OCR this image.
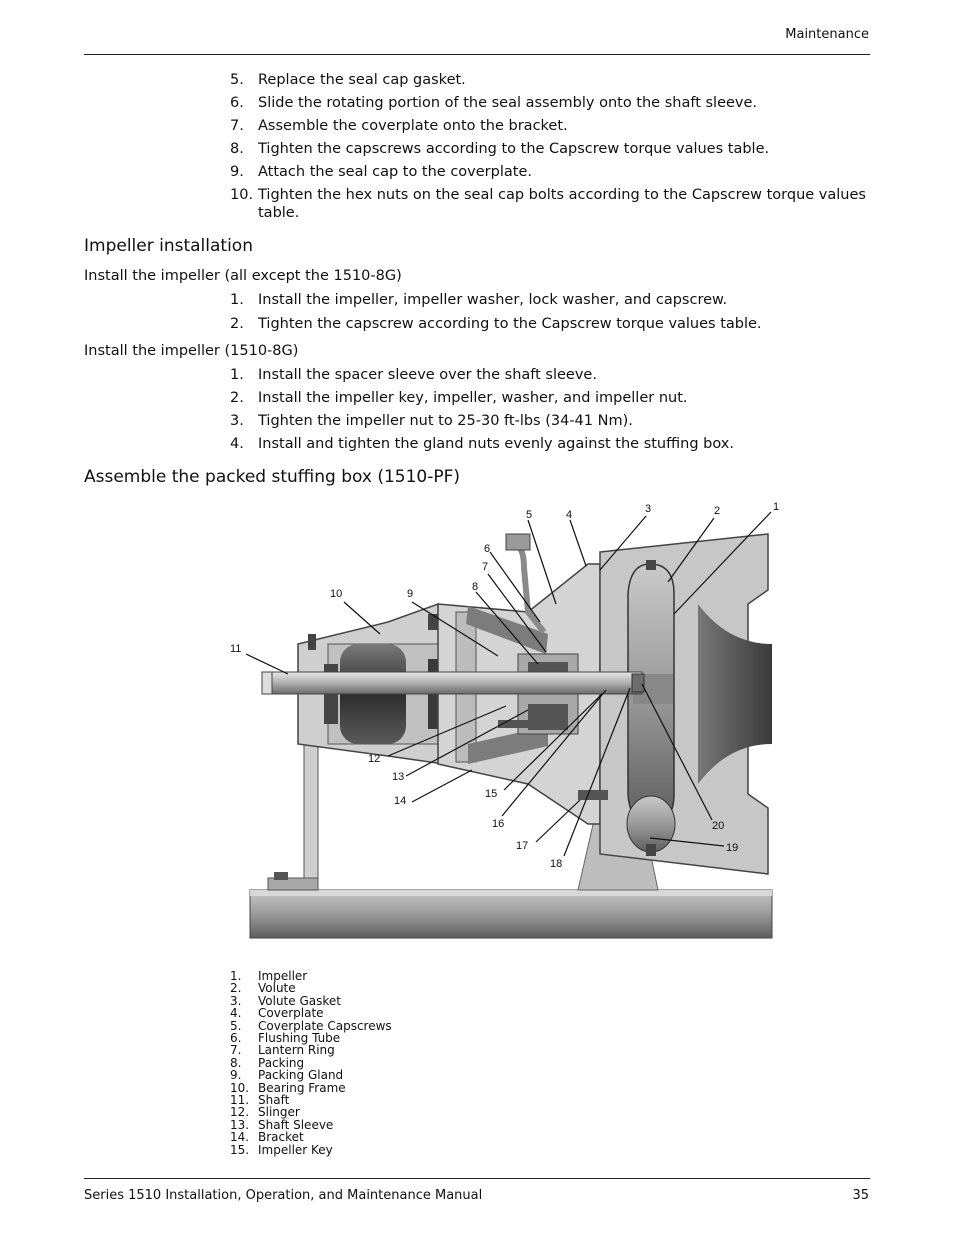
Maintenance
5. Replace the seal cap gasket.
6. Slide the rotating portion of the seal assembly onto the shaft sleeve.
7. Assemble the coverplate onto the bracket.
8. Tighten the capscrews according to the Capscrew torque values table.
9. Attach the seal cap to the coverplate.
10. Tighten the hex nuts on the seal cap bolts according to the Capscrew torque values table.
Impeller installation
Install the impeller (all except the 1510-8G)
1. Install the impeller, impeller washer, lock washer, and capscrew.
2. Tighten the capscrew according to the Capscrew torque values table.
Install the impeller (1510-8G)
1. Install the spacer sleeve over the shaft sleeve.
2. Install the impeller key, impeller, washer, and impeller nut.
3. Tighten the impeller nut to 25-30 ft-lbs (34-41 Nm).
4. Install and tighten the gland nuts evenly against the stuffing box.
Assemble the packed stuffing box (1510-PF)
1
2
3
4
5
6
7
8
9
10
11
12
13
14
15
16
17
18
19
20
1. Impeller
2. Volute
3. Volute Gasket
4. Coverplate
5. Coverplate Capscrews
6. Flushing Tube
7. Lantern Ring
8. Packing
9. Packing Gland
10. Bearing Frame
11. Shaft
12. Slinger
13. Shaft Sleeve
14. Bracket
15. Impeller Key
Series 1510 Installation, Operation, and Maintenance Manual	35
